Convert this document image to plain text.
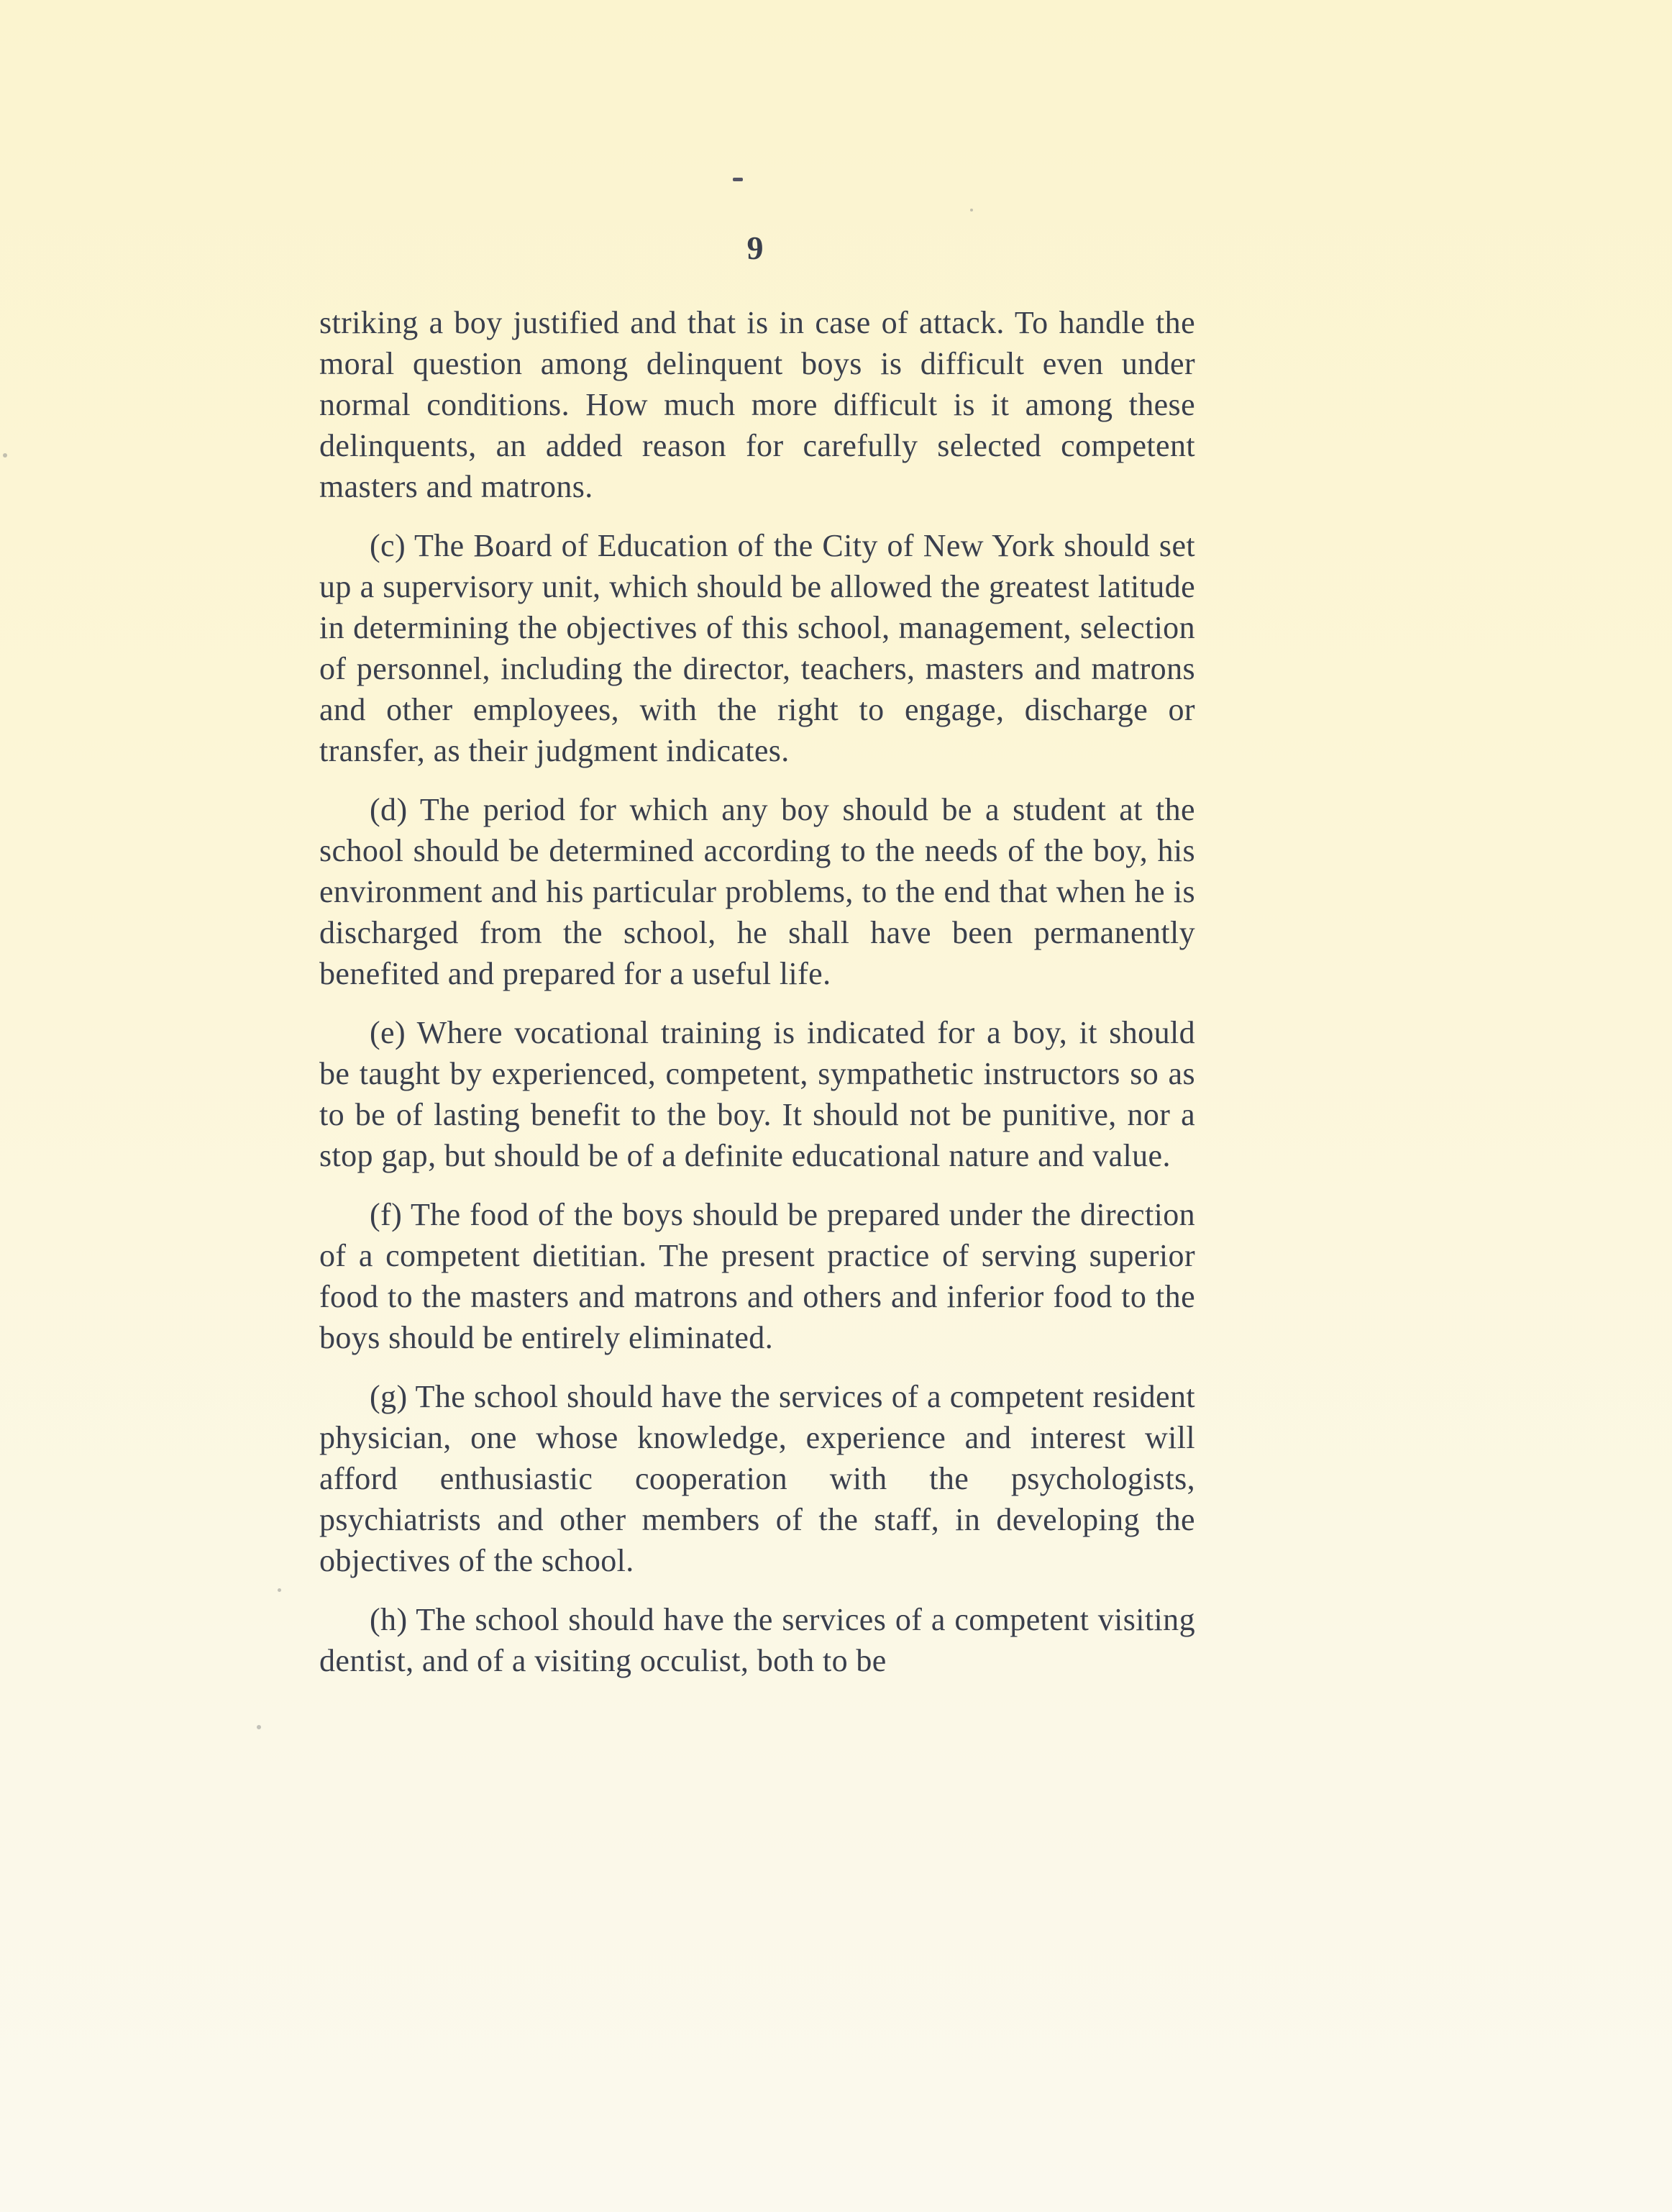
9

striking a boy justified and that is in case of attack. To handle the moral question among delinquent boys is difficult even under normal conditions. How much more difficult is it among these delinquents, an added reason for carefully selected competent masters and matrons.

(c) The Board of Education of the City of New York should set up a supervisory unit, which should be allowed the greatest latitude in determining the objectives of this school, management, selection of personnel, including the director, teachers, masters and matrons and other employees, with the right to engage, discharge or transfer, as their judgment indicates.

(d) The period for which any boy should be a student at the school should be determined according to the needs of the boy, his environment and his particular problems, to the end that when he is discharged from the school, he shall have been permanently benefited and prepared for a useful life.

(e) Where vocational training is indicated for a boy, it should be taught by experienced, competent, sympathetic instructors so as to be of lasting benefit to the boy. It should not be punitive, nor a stop gap, but should be of a definite educational nature and value.

(f) The food of the boys should be prepared under the direction of a competent dietitian. The present practice of serving superior food to the masters and matrons and others and inferior food to the boys should be entirely eliminated.

(g) The school should have the services of a competent resident physician, one whose knowledge, experience and interest will afford enthusiastic cooperation with the psychologists, psychiatrists and other members of the staff, in developing the objectives of the school.

(h) The school should have the services of a competent visiting dentist, and of a visiting occulist, both to be
